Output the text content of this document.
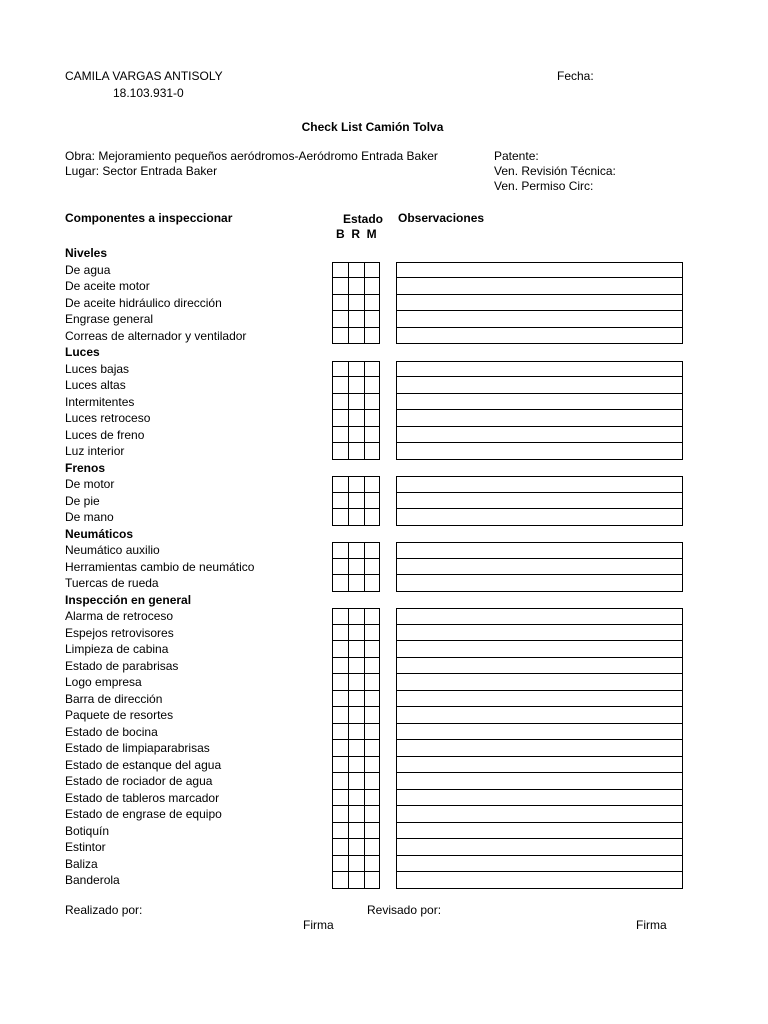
CAMILA VARGAS ANTISOLY
18.103.931-0
Fecha:
Check List Camión Tolva
Obra: Mejoramiento pequeños aeródromos-Aeródromo Entrada Baker
Lugar: Sector Entrada Baker
Patente:
Ven. Revisión Técnica:
Ven. Permiso Circ:
Componentes a inspeccionar	Estado
B  R  M
Observaciones
Niveles
De agua
De aceite motor
De aceite hidráulico dirección
Engrase general
Correas de alternador y ventilador
Luces
Luces bajas
Luces altas
Intermitentes
Luces retroceso
Luces de freno
Luz interior
Frenos
De motor
De pie
De mano
Neumáticos
Neumático auxilio
Herramientas cambio de neumático
Tuercas de rueda
Inspección en general
Alarma de retroceso
Espejos retrovisores
Limpieza de cabina
Estado de parabrisas
Logo empresa
Barra de dirección
Paquete de resortes
Estado de bocina
Estado de limpiaparabrisas
Estado de estanque del agua
Estado de rociador de agua
Estado de tableros marcador
Estado de engrase de equipo
Botiquín
Estintor
Baliza
Banderola
Realizado por:	Revisado por:
Firma	Firma
